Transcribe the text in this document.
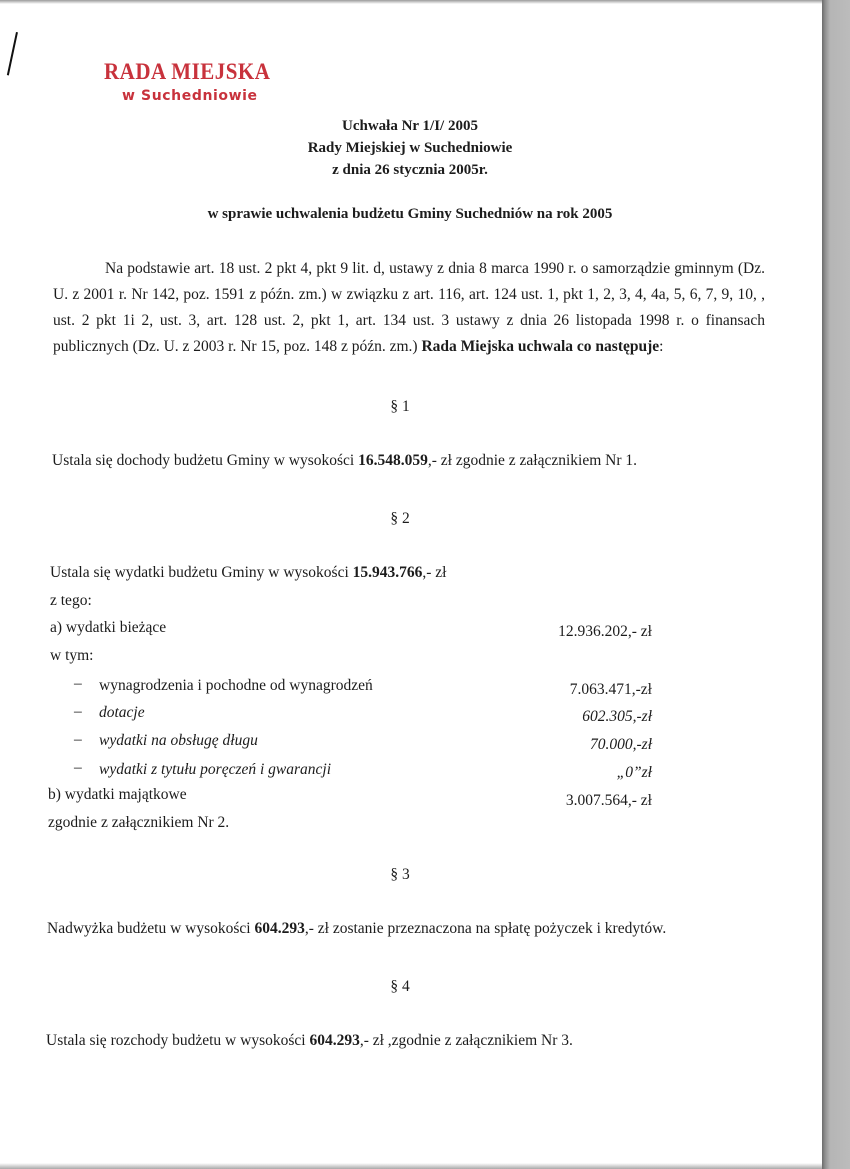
RADA MIEJSKA
w Suchedniowie
Uchwała Nr 1/I/ 2005
Rady Miejskiej w Suchedniowie
z dnia 26 stycznia 2005r.
w sprawie uchwalenia budżetu Gminy Suchedniów na rok 2005
Na podstawie art. 18 ust. 2 pkt 4, pkt 9 lit. d, ustawy z dnia 8 marca 1990 r. o samorządzie gminnym (Dz. U. z 2001 r. Nr 142, poz. 1591 z późn. zm.) w związku z art. 116, art. 124 ust. 1, pkt 1, 2, 3, 4, 4a, 5, 6, 7, 9, 10, , ust. 2 pkt 1i 2, ust. 3, art. 128 ust. 2, pkt 1, art. 134 ust. 3 ustawy z dnia 26 listopada 1998 r. o finansach publicznych (Dz. U. z 2003 r. Nr 15, poz. 148 z późn. zm.) Rada Miejska uchwala co następuje:
§ 1
Ustala się dochody budżetu Gminy w wysokości 16.548.059,- zł zgodnie z załącznikiem Nr 1.
§ 2
Ustala się wydatki budżetu Gminy w wysokości 15.943.766,- zł
z tego:
a) wydatki bieżące	12.936.202,- zł
w tym:
– wynagrodzenia i pochodne od wynagrodzeń	7.063.471,-zł
– dotacje	602.305,-zł
– wydatki na obsługę długu	70.000,-zł
– wydatki z tytułu poręczeń i gwarancji	„0”zł
b) wydatki majątkowe	3.007.564,- zł
zgodnie z załącznikiem Nr 2.
§ 3
Nadwyżka budżetu w wysokości 604.293,- zł zostanie przeznaczona na spłatę pożyczek i kredytów.
§ 4
Ustala się rozchody budżetu w wysokości 604.293,- zł ,zgodnie z załącznikiem Nr 3.
